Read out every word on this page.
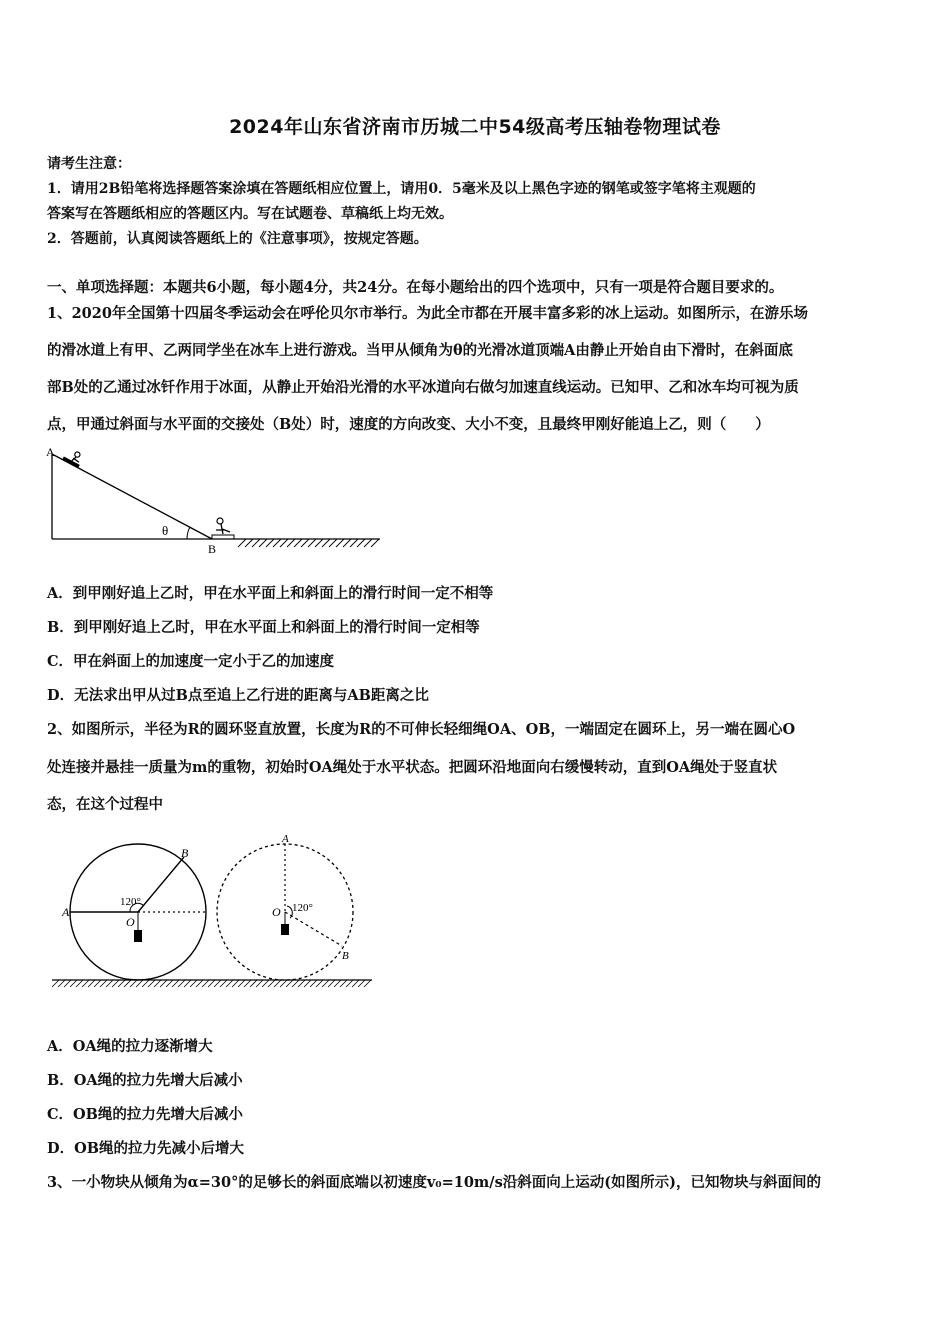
2024年山东省济南市历城二中54级高考压轴卷物理试卷
请考生注意：
1．请用2B铅笔将选择题答案涂填在答题纸相应位置上，请用0．5毫米及以上黑色字迹的钢笔或签字笔将主观题的
答案写在答题纸相应的答题区内。写在试题卷、草稿纸上均无效。
2．答题前，认真阅读答题纸上的《注意事项》，按规定答题。
一、单项选择题：本题共6小题，每小题4分，共24分。在每小题给出的四个选项中，只有一项是符合题目要求的。
1、2020年全国第十四届冬季运动会在呼伦贝尔市举行。为此全市都在开展丰富多彩的冰上运动。如图所示，在游乐场
的滑冰道上有甲、乙两同学坐在冰车上进行游戏。当甲从倾角为θ的光滑冰道顶端A由静止开始自由下滑时，在斜面底
部B处的乙通过冰钎作用于冰面，从静止开始沿光滑的水平冰道向右做匀加速直线运动。已知甲、乙和冰车均可视为质
点，甲通过斜面与水平面的交接处（B处）时，速度的方向改变、大小不变，且最终甲刚好能追上乙，则（　　）
A
B
θ
A．到甲刚好追上乙时，甲在水平面上和斜面上的滑行时间一定不相等
B．到甲刚好追上乙时，甲在水平面上和斜面上的滑行时间一定相等
C．甲在斜面上的加速度一定小于乙的加速度
D．无法求出甲从过B点至追上乙行进的距离与AB距离之比
2、如图所示，半径为R的圆环竖直放置，长度为R的不可伸长轻细绳OA、OB，一端固定在圆环上，另一端在圆心O
处连接并悬挂一质量为m的重物，初始时OA绳处于水平状态。把圆环沿地面向右缓慢转动，直到OA绳处于竖直状
态，在这个过程中
A
B
O
120°
A
B
O 120°
A．OA绳的拉力逐渐增大
B．OA绳的拉力先增大后减小
C．OB绳的拉力先增大后减小
D．OB绳的拉力先减小后增大
3、一小物块从倾角为α=30°的足够长的斜面底端以初速度v₀=10m/s沿斜面向上运动(如图所示)，已知物块与斜面间的
